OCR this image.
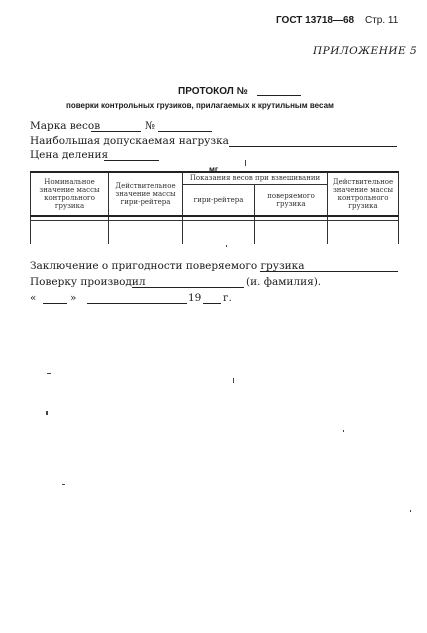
ГОСТ 13718—68 Стр. 11
ПРИЛОЖЕНИЕ 5
ПРОТОКОЛ №
поверки контрольных грузиков, прилагаемых к крутильным весам
Марка весов	№
Наибольшая допускаемая нагрузка
Цена деления
мг
Номинальное значение массы контрольного грузика	Действительное значение массы гири-рейтера	Показания весов при взвешивании		Действительное значение массы контрольного грузика
		гири-рейтера	поверяемого грузика	

Заключение о пригодности поверяемого грузика
Поверку производил	(и. фамилия).
«	»	19 г.
